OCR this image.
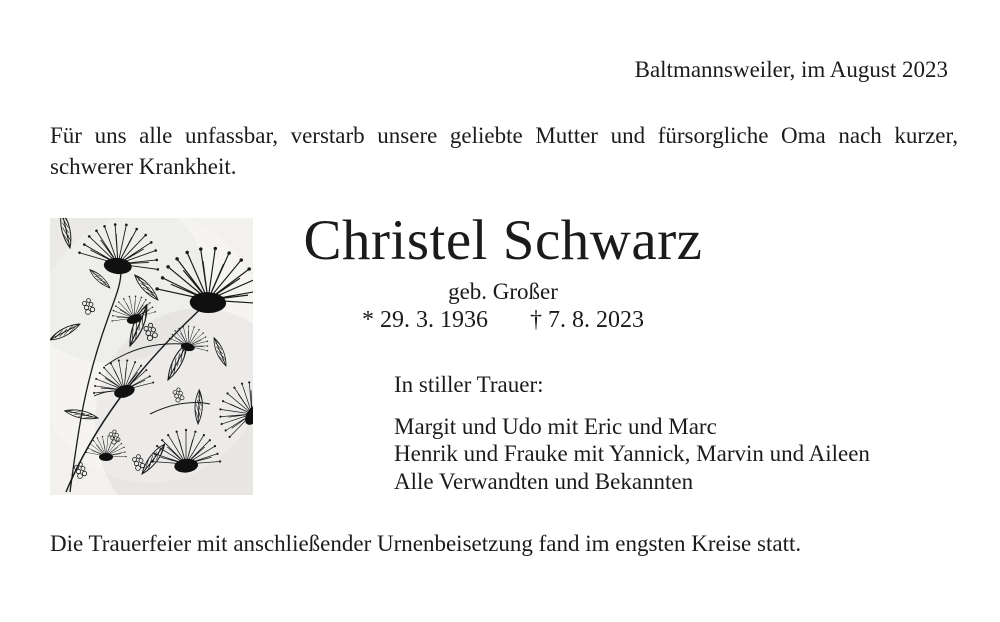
Baltmannsweiler, im August 2023

Für uns alle unfassbar, verstarb unsere geliebte Mutter und fürsorgliche Oma nach kurzer, schwerer Krankheit.

Christel Schwarz
geb. Großer
* 29. 3. 1936 † 7. 8. 2023
In stiller Trauer:
Margit und Udo mit Eric und Marc
Henrik und Frauke mit Yannick, Marvin und Aileen
Alle Verwandten und Bekannten

Die Trauerfeier mit anschließender Urnenbeisetzung fand im engsten Kreise statt.
